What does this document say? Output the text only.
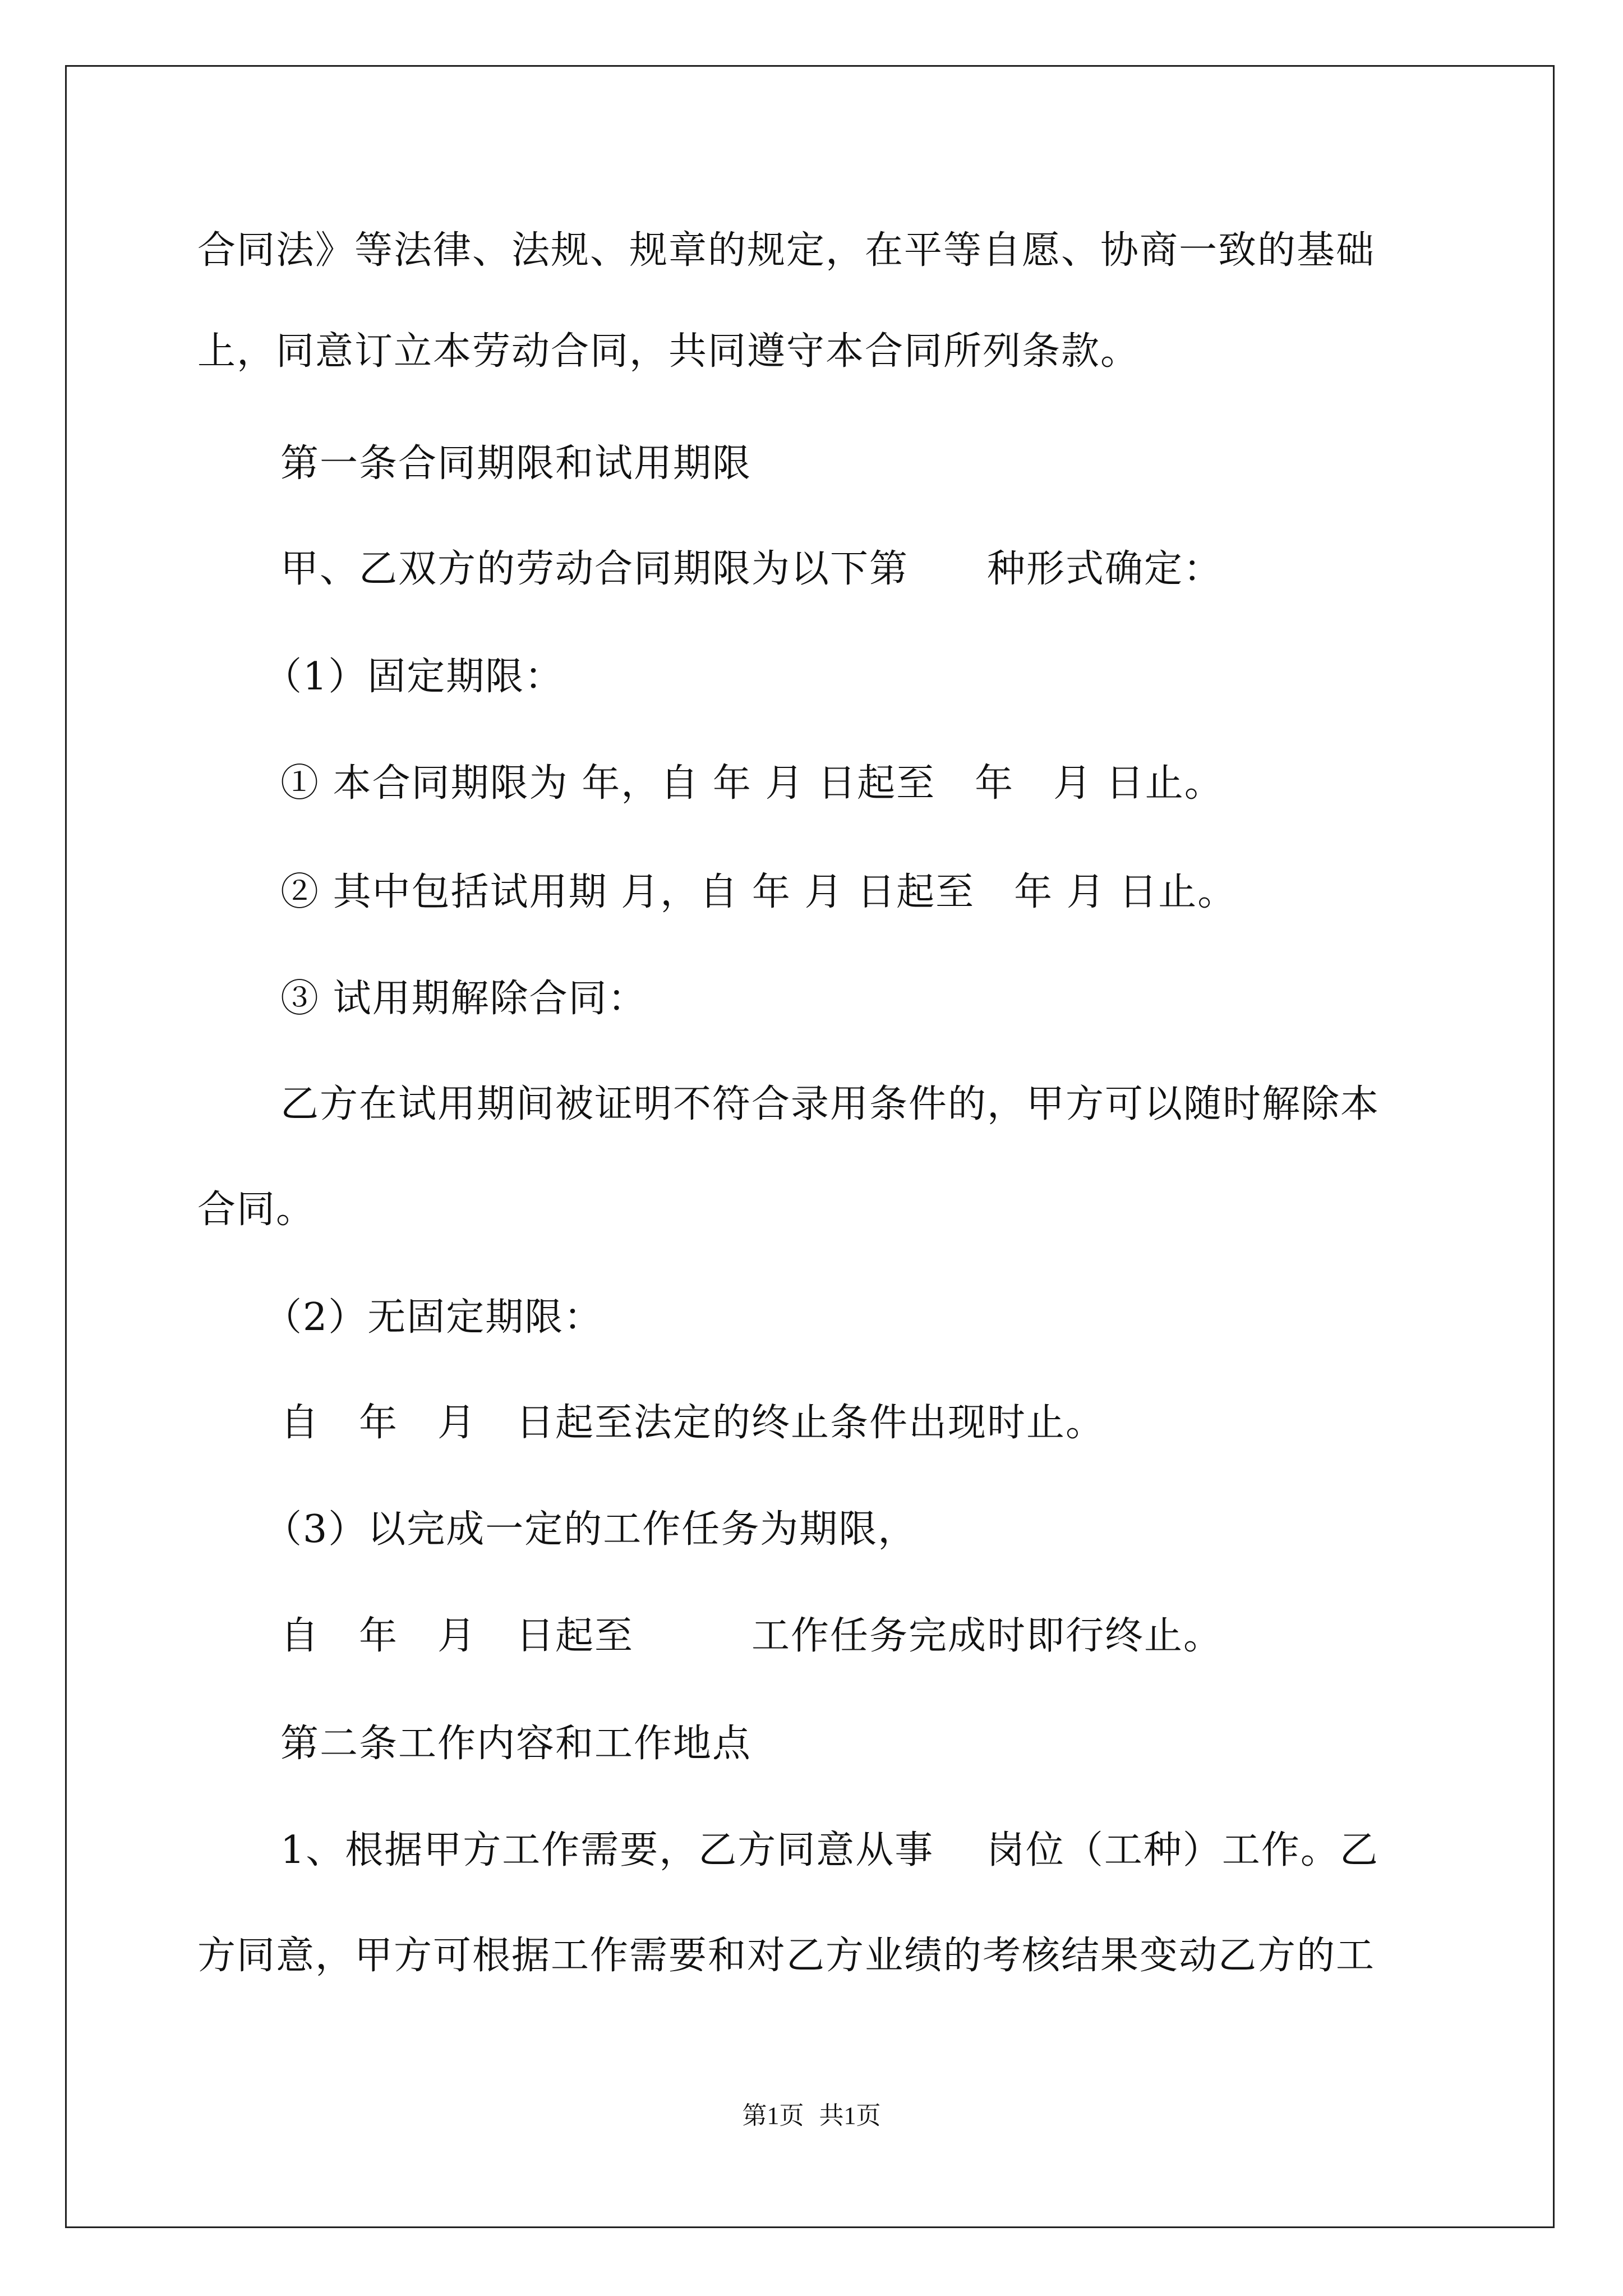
合同法》等法律、法规、规章的规定，在平等自愿、协商一致的基础
上，同意订立本劳动合同，共同遵守本合同所列条款。
第一条合同期限和试用期限
甲、乙双方的劳动合同期限为以下第　　种形式确定：
（1）固定期限：
① 本合同期限为 年，自 年 月 日起至　年　月 日止。
② 其中包括试用期 月，自 年 月 日起至　年 月 日止。
③ 试用期解除合同：
乙方在试用期间被证明不符合录用条件的，甲方可以随时解除本
合同。
（2）无固定期限：
自　年　月　日起至法定的终止条件出现时止。
（3）以完成一定的工作任务为期限，
自　年　月　日起至　　　工作任务完成时即行终止。
第二条工作内容和工作地点
1、根据甲方工作需要，乙方同意从事　 岗位（工种）工作。乙
方同意，甲方可根据工作需要和对乙方业绩的考核结果变动乙方的工
第1页 共1页
